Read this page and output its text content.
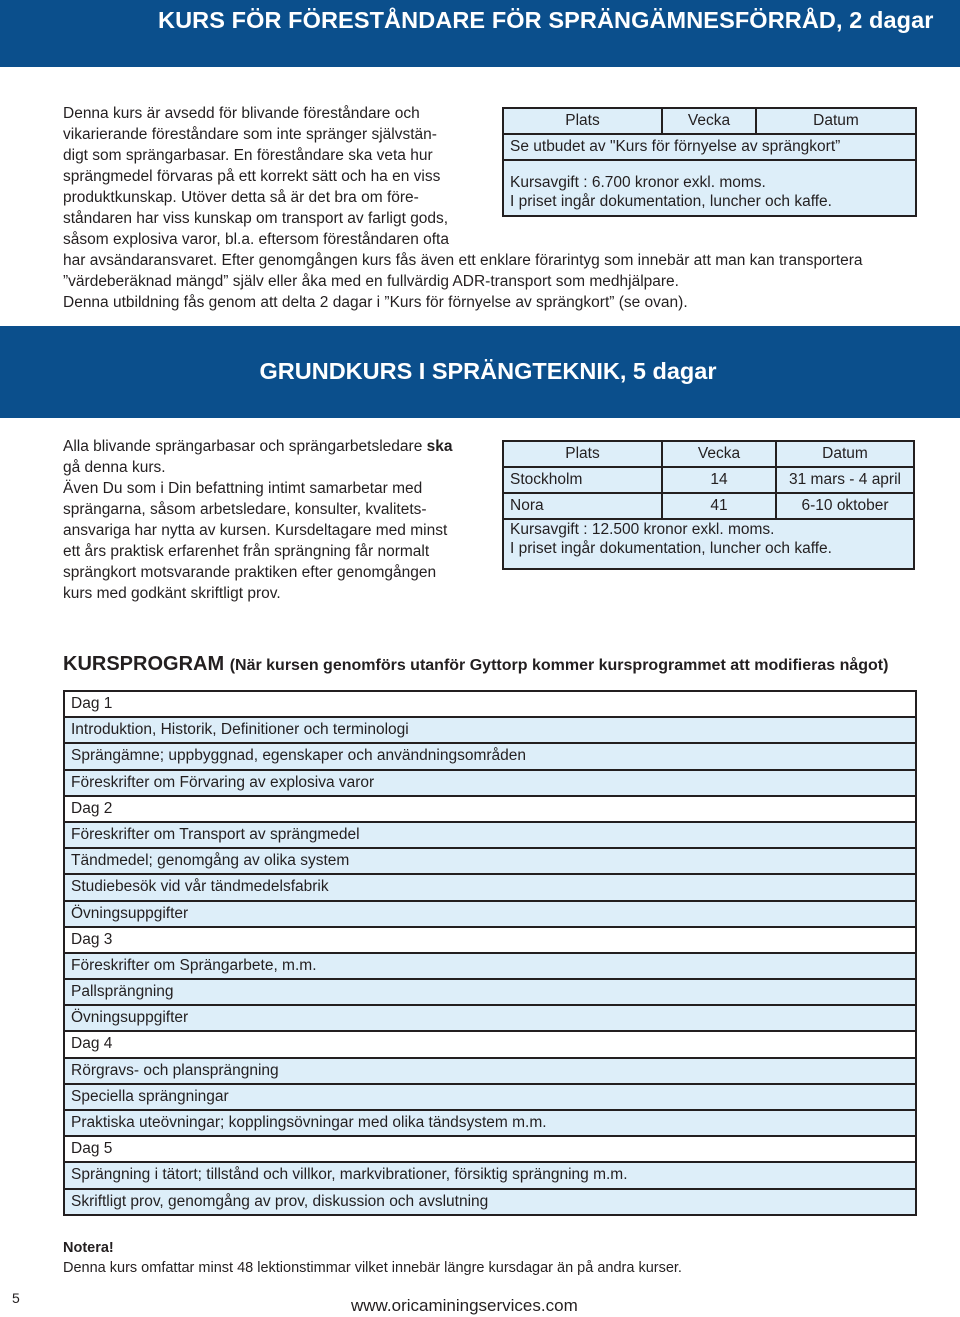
KURS FÖR FÖRESTÅNDARE FÖR SPRÄNGÄMNESFÖRRÅD, 2 dagar
Denna kurs är avsedd för blivande föreståndare och
vikarierande föreståndare som inte spränger självstän-
digt som sprängarbasar. En föreståndare ska veta hur
sprängmedel förvaras på ett korrekt sätt och ha en viss
produktkunskap. Utöver detta så är det bra om före-
ståndaren har viss kunskap om transport av farligt gods,
såsom explosiva varor, bl.a. eftersom föreståndaren ofta
har avsändaransvaret. Efter genomgången kurs fås även ett enklare förarintyg som innebär att man kan transportera
”värdeberäknad mängd” själv eller åka med en fullvärdig ADR-transport som medhjälpare.
Denna utbildning fås genom att delta 2 dagar i ”Kurs för förnyelse av sprängkort” (se ovan).
Plats	Vecka	Datum
Se utbudet av "Kurs för förnyelse av sprängkort”

Kursavgift : 6.700 kronor exkl. moms.
I priset ingår dokumentation, luncher och kaffe.
GRUNDKURS I SPRÄNGTEKNIK, 5 dagar
Alla blivande sprängarbasar och sprängarbetsledare ska
gå denna kurs.
Även Du som i Din befattning intimt samarbetar med
sprängarna, såsom arbetsledare, konsulter, kvalitets-
ansvariga har nytta av kursen. Kursdeltagare med minst
ett års praktisk erfarenhet från sprängning får normalt
sprängkort motsvarande praktiken efter genomgången
kurs med godkänt skriftligt prov.
Plats	Vecka	Datum
Stockholm	14	31 mars - 4 april
Nora	41	6-10 oktober
Kursavgift : 12.500 kronor exkl. moms.		
I priset ingår dokumentation, luncher och kaffe.		

KURSPROGRAM (När kursen genomförs utanför Gyttorp kommer kursprogrammet att modifieras något)

Dag 1
Introduktion, Historik, Definitioner och terminologi
Sprängämne; uppbyggnad, egenskaper och användningsområden
Föreskrifter om Förvaring av explosiva varor
Dag 2
Föreskrifter om Transport av sprängmedel
Tändmedel; genomgång av olika system
Studiebesök vid vår tändmedelsfabrik
Övningsuppgifter
Dag 3
Föreskrifter om Sprängarbete, m.m.
Pallsprängning
Övningsuppgifter
Dag 4
Rörgravs- och plansprängning
Speciella sprängningar
Praktiska uteövningar; kopplingsövningar med olika tändsystem m.m.
Dag 5
Sprängning i tätort; tillstånd och villkor, markvibrationer, försiktig sprängning m.m.
Skriftligt prov, genomgång av prov, diskussion och avslutning

Notera!

Denna kurs omfattar minst 48 lektionstimmar vilket innebär längre kursdagar än på andra kurser.

5	www.oricaminingservices.com
